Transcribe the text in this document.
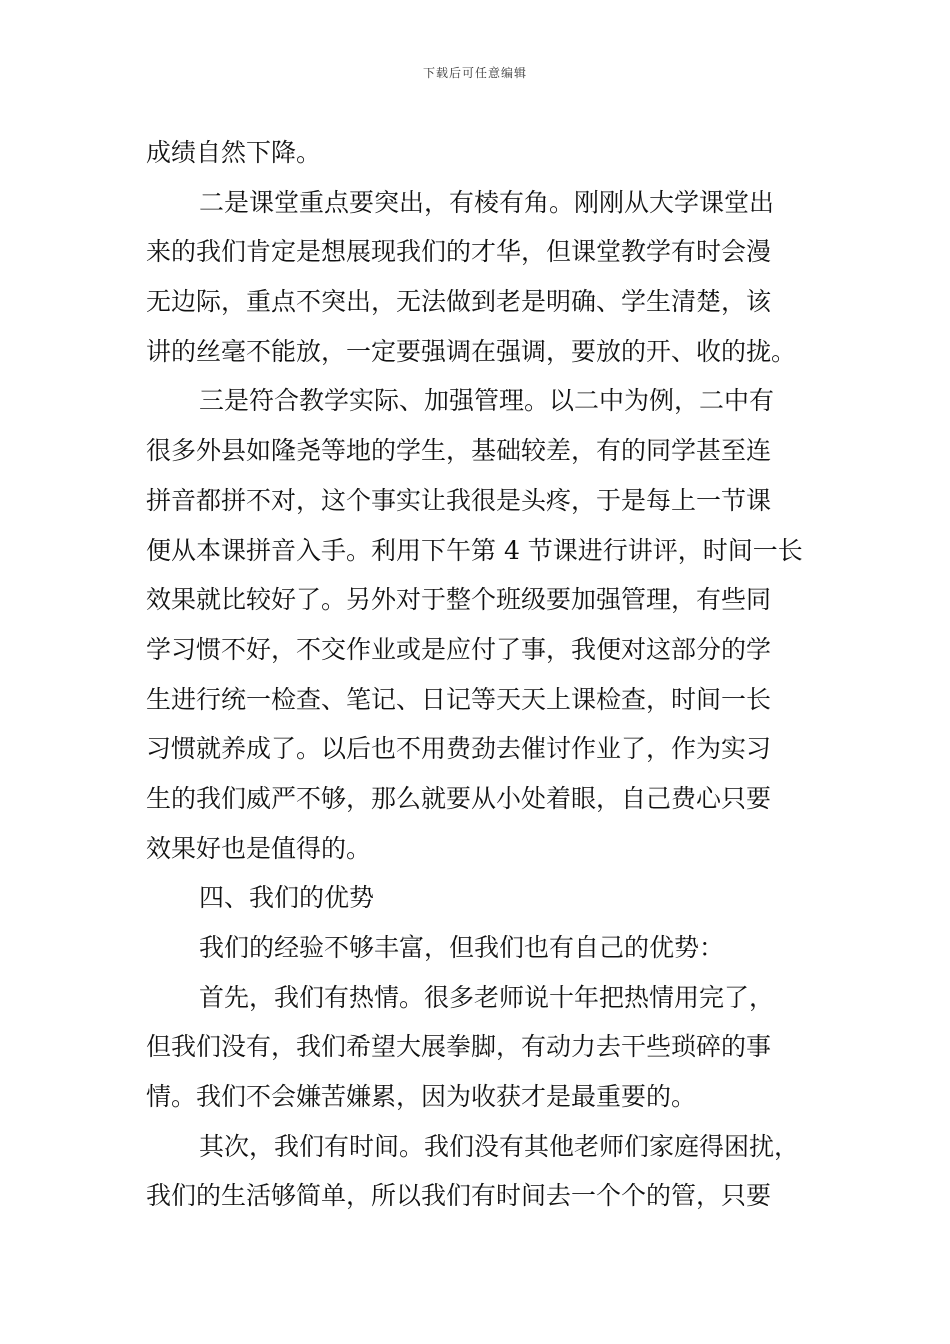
下载后可任意编辑
成绩自然下降。
二是课堂重点要突出，有棱有角。刚刚从大学课堂出
来的我们肯定是想展现我们的才华，但课堂教学有时会漫
无边际，重点不突出，无法做到老是明确、学生清楚，该
讲的丝毫不能放，一定要强调在强调，要放的开、收的拢。
三是符合教学实际、加强管理。以二中为例，二中有
很多外县如隆尧等地的学生，基础较差，有的同学甚至连
拼音都拼不对，这个事实让我很是头疼，于是每上一节课
便从本课拼音入手。利用下午第 4 节课进行讲评，时间一长
效果就比较好了。另外对于整个班级要加强管理，有些同
学习惯不好，不交作业或是应付了事，我便对这部分的学
生进行统一检查、笔记、日记等天天上课检查，时间一长
习惯就养成了。以后也不用费劲去催讨作业了，作为实习
生的我们威严不够，那么就要从小处着眼，自己费心只要
效果好也是值得的。
四、我们的优势
我们的经验不够丰富，但我们也有自己的优势：
首先，我们有热情。很多老师说十年把热情用完了，
但我们没有，我们希望大展拳脚，有动力去干些琐碎的事
情。我们不会嫌苦嫌累，因为收获才是最重要的。
其次，我们有时间。我们没有其他老师们家庭得困扰，
我们的生活够简单，所以我们有时间去一个个的管，只要
